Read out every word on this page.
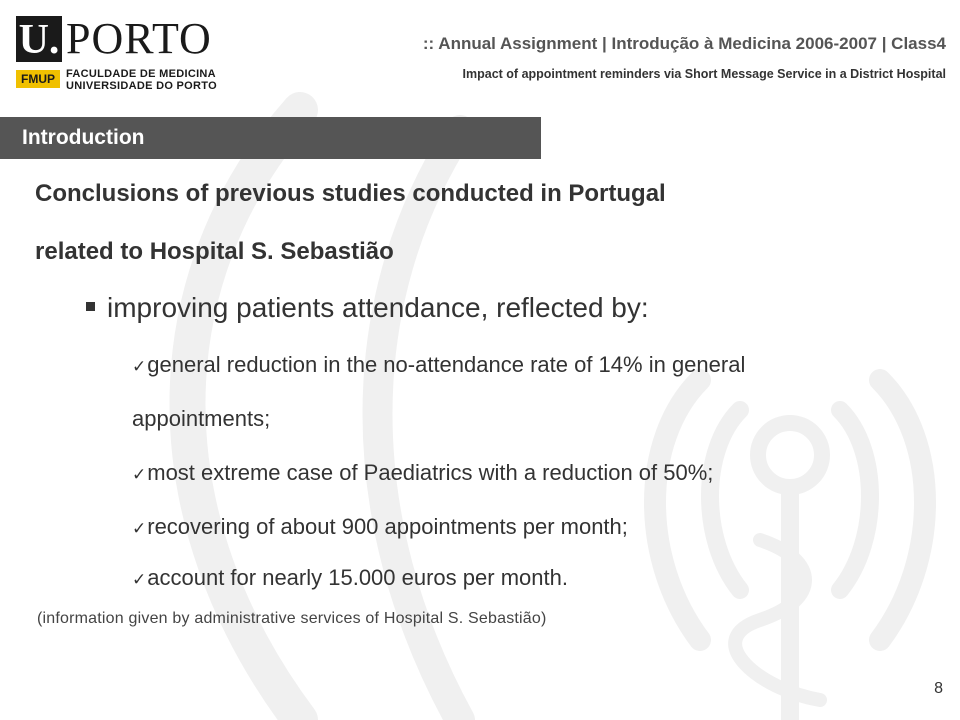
U. PORTO
FMUP	FACULDADE DE MEDICINA
UNIVERSIDADE DO PORTO
:: Annual Assignment | Introdução à Medicina 2006-2007 | Class4
Impact of appointment reminders via Short Message Service in a District Hospital
Introduction
Conclusions of previous studies conducted in Portugal
related to Hospital S. Sebastião
improving patients attendance, reflected by:
✓general reduction in the no-attendance rate of 14% in general
appointments;
✓most extreme case of Paediatrics with a reduction of 50%;
✓recovering of about 900 appointments per month;
✓account for nearly 15.000 euros per month.
(information given by administrative services of Hospital S. Sebastião)
8
